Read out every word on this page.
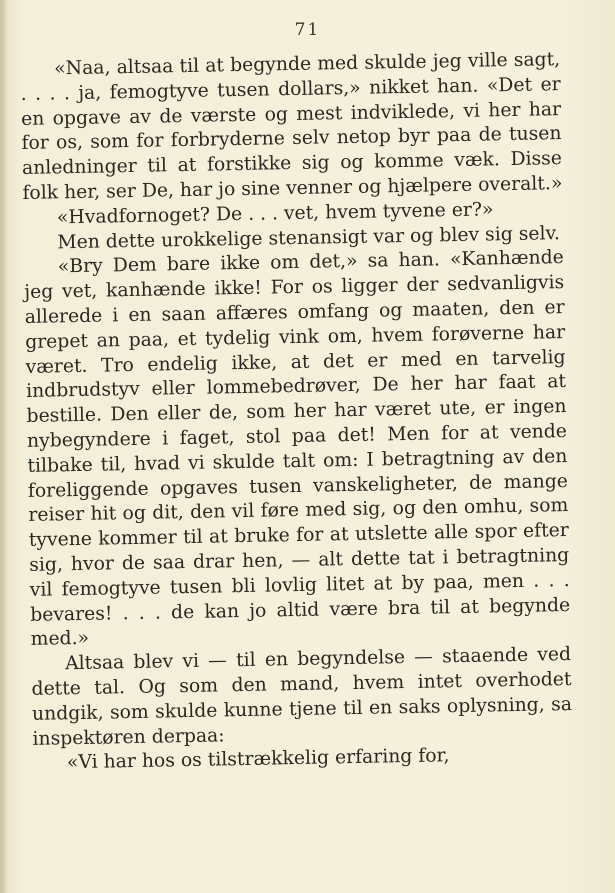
71

«Naa, altsaa til at begynde med skulde jeg ville sagt, . . . . ja, femogtyve tusen dollars,» nikket han. «Det er en opgave av de værste og mest indviklede, vi her har for os, som for forbryderne selv netop byr paa de tusen anledninger til at forstikke sig og komme væk. Disse folk her, ser De, har jo sine venner og hjælpere overalt.»

«Hvadfornoget? De . . . vet, hvem tyvene er?»

Men dette urokkelige stenansigt var og blev sig selv.

«Bry Dem bare ikke om det,» sa han. «Kanhænde jeg vet, kanhænde ikke! For os ligger der sedvanligvis allerede i en saan affæres omfang og maaten, den er grepet an paa, et tydelig vink om, hvem forøverne har været. Tro endelig ikke, at det er med en tarvelig indbrudstyv eller lommebedrøver, De her har faat at bestille. Den eller de, som her har været ute, er ingen nybegyndere i faget, stol paa det! Men for at vende tilbake til, hvad vi skulde talt om: I betragtning av den foreliggende opgaves tusen vanskeligheter, de mange reiser hit og dit, den vil føre med sig, og den omhu, som tyvene kommer til at bruke for at utslette alle spor efter sig, hvor de saa drar hen, — alt dette tat i betragtning vil femogtyve tusen bli lovlig litet at by paa, men . . . bevares! . . . de kan jo altid være bra til at begynde med.»

Altsaa blev vi — til en begyndelse — staaende ved dette tal. Og som den mand, hvem intet overhodet undgik, som skulde kunne tjene til en saks oplysning, sa inspektøren derpaa:

«Vi har hos os tilstrækkelig erfaring for,
